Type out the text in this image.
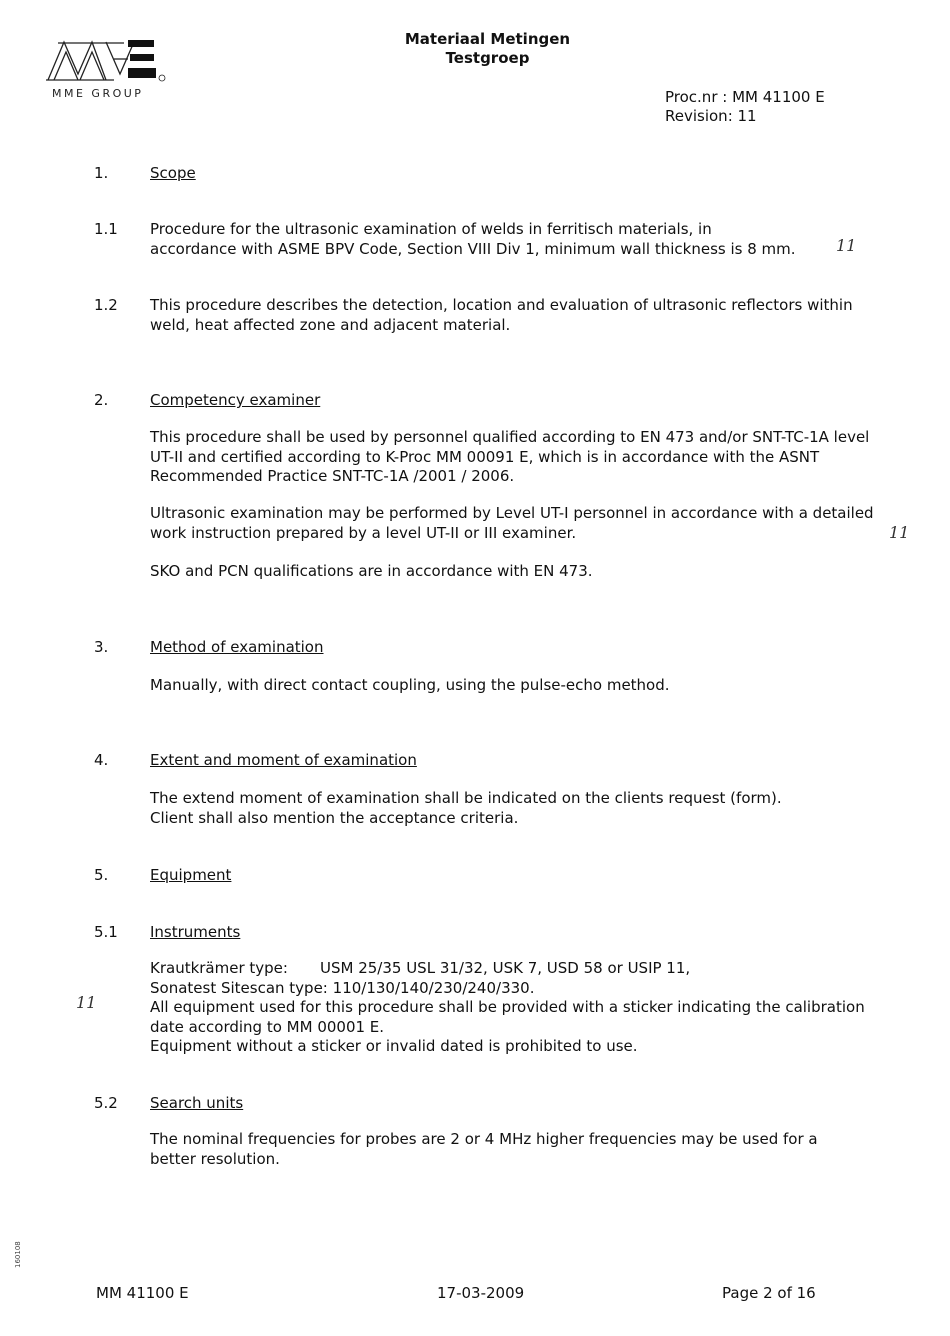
MME GROUP
Materiaal Metingen
Testgroep
Proc.nr : MM 41100 E
Revision: 11
1.	Scope
1.1 Procedure for the ultrasonic examination of welds in ferritisch materials, in accordance with ASME BPV Code, Section VIII Div 1, minimum wall thickness is 8 mm.	11
1.2 This procedure describes the detection, location and evaluation of ultrasonic reflectors within weld, heat affected zone and adjacent material.
2.	Competency examiner
This procedure shall be used by personnel qualified according to EN 473 and/or SNT-TC-1A level UT-II and certified according to K-Proc MM 00091 E, which is in accordance with the ASNT Recommended Practice SNT-TC-1A /2001 / 2006.
Ultrasonic examination may be performed by Level UT-I personnel in accordance with a detailed work instruction prepared by a level UT-II or III examiner.	11
SKO and PCN qualifications are in accordance with EN 473.
3.	Method of examination
Manually, with direct contact coupling, using the pulse-echo method.
4.	Extent and moment of examination
The extend moment of examination shall be indicated on the clients request (form).
Client shall also mention the acceptance criteria.
5.	Equipment
5.1 Instruments
Krautkrämer type: USM 25/35 USL 31/32, USK 7, USD 58 or USIP 11,
Sonatest Sitescan type: 110/130/140/230/240/330.
All equipment used for this procedure shall be provided with a sticker indicating the calibration date according to MM 00001 E.
Equipment without a sticker or invalid dated is prohibited to use.
11
5.2 Search units
The nominal frequencies for probes are 2 or 4 MHz higher frequencies may be used for a better resolution.
160108
MM 41100 E	17-03-2009	Page 2 of 16
